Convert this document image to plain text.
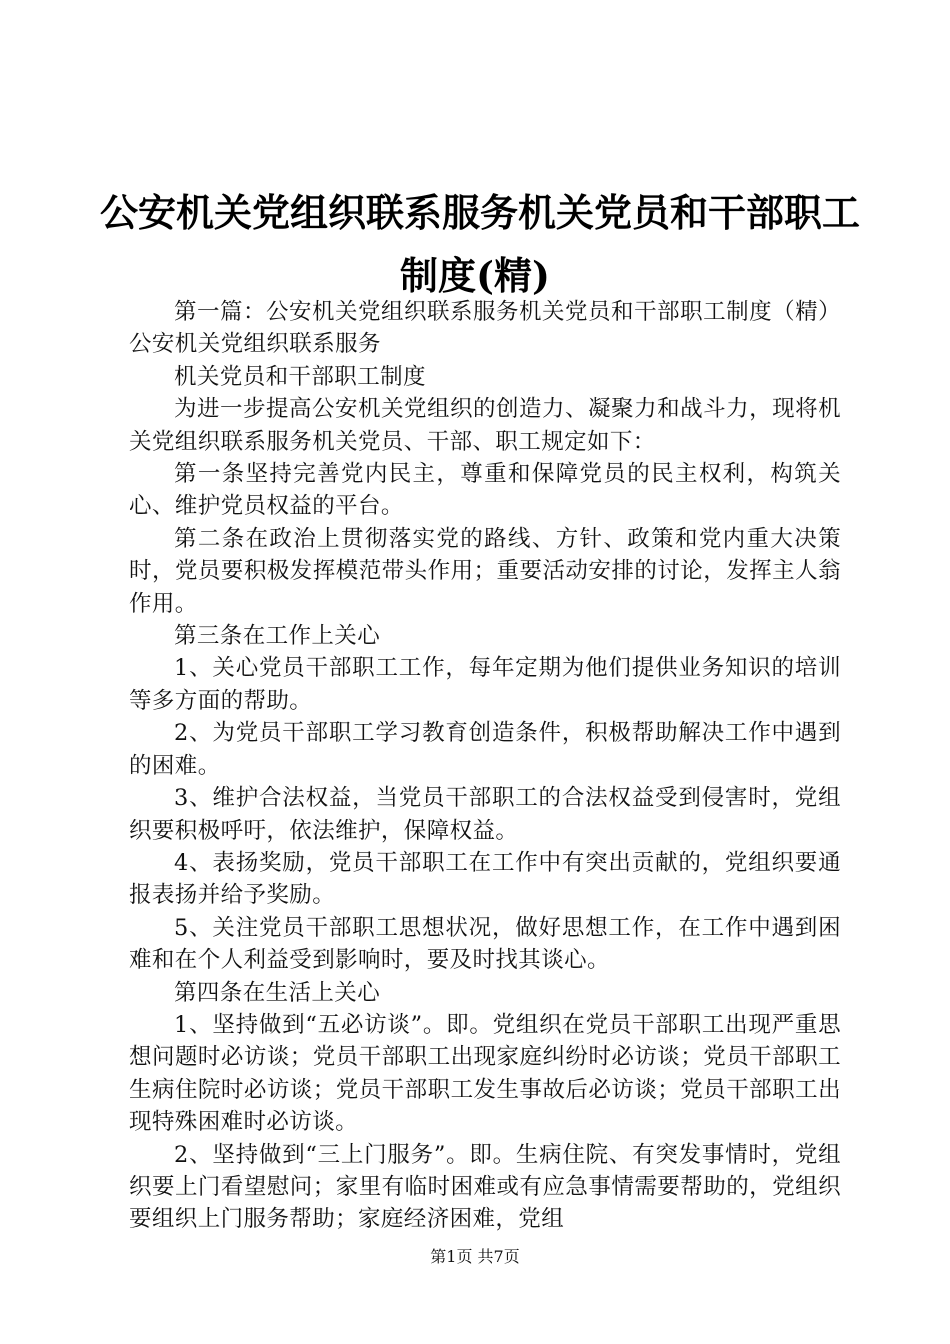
公安机关党组织联系服务机关党员和干部职工
制度(精)

第一篇：公安机关党组织联系服务机关党员和干部职工制度（精）公安机关党组织联系服务

机关党员和干部职工制度

为进一步提高公安机关党组织的创造力、凝聚力和战斗力，现将机关党组织联系服务机关党员、干部、职工规定如下：

第一条坚持完善党内民主，尊重和保障党员的民主权利，构筑关心、维护党员权益的平台。

第二条在政治上贯彻落实党的路线、方针、政策和党内重大决策时，党员要积极发挥模范带头作用；重要活动安排的讨论，发挥主人翁作用。

第三条在工作上关心

1、关心党员干部职工工作，每年定期为他们提供业务知识的培训等多方面的帮助。

2、为党员干部职工学习教育创造条件，积极帮助解决工作中遇到的困难。

3、维护合法权益，当党员干部职工的合法权益受到侵害时，党组织要积极呼吁，依法维护，保障权益。

4、表扬奖励，党员干部职工在工作中有突出贡献的，党组织要通报表扬并给予奖励。

5、关注党员干部职工思想状况，做好思想工作，在工作中遇到困难和在个人利益受到影响时，要及时找其谈心。

第四条在生活上关心

1、坚持做到“五必访谈”。即。党组织在党员干部职工出现严重思想问题时必访谈；党员干部职工出现家庭纠纷时必访谈；党员干部职工生病住院时必访谈；党员干部职工发生事故后必访谈；党员干部职工出现特殊困难时必访谈。

2、坚持做到“三上门服务”。即。生病住院、有突发事情时，党组织要上门看望慰问；家里有临时困难或有应急事情需要帮助的，党组织要组织上门服务帮助；家庭经济困难，党组

第1页 共7页
